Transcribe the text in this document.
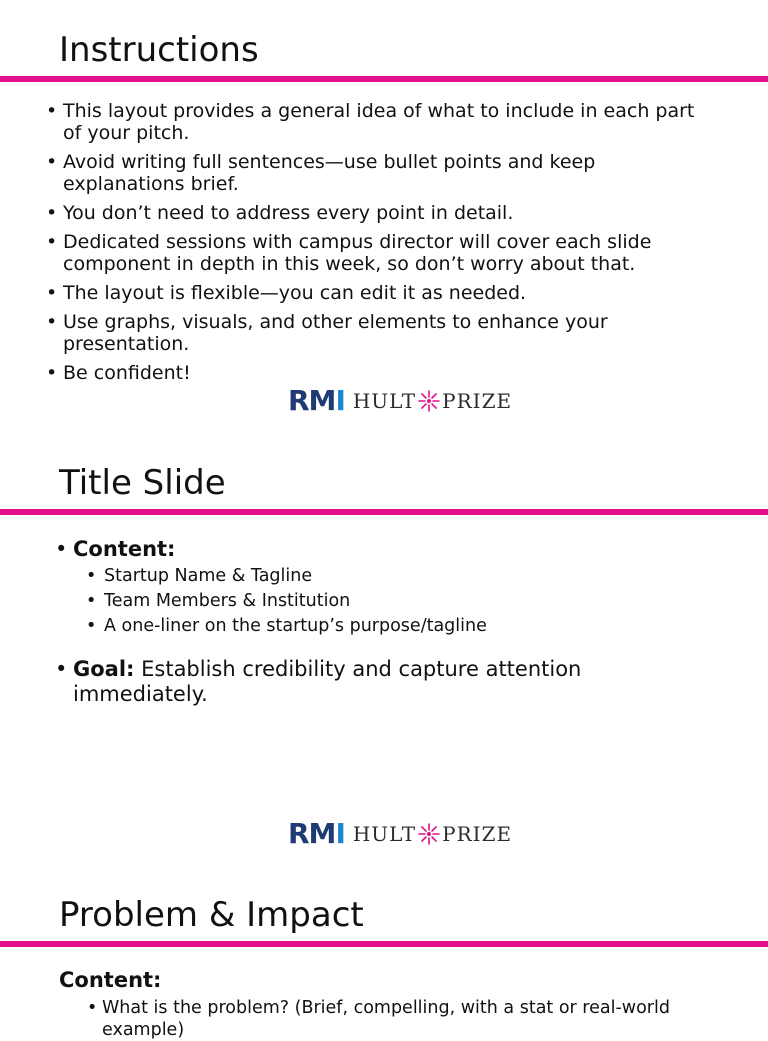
Instructions
• This layout provides a general idea of what to include in each part of your pitch.
• Avoid writing full sentences—use bullet points and keep explanations brief.
• You don’t need to address every point in detail.
• Dedicated sessions with campus director will cover each slide component in depth in this week, so don’t worry about that.
• The layout is flexible—you can edit it as needed.
• Use graphs, visuals, and other elements to enhance your presentation.
• Be confident!
RMI HULT PRIZE
Title Slide
• Content:
• Startup Name & Tagline
• Team Members & Institution
• A one-liner on the startup’s purpose/tagline
• Goal: Establish credibility and capture attention immediately.
RMI HULT PRIZE
Problem & Impact
Content:
• What is the problem? (Brief, compelling, with a stat or real-world example)
